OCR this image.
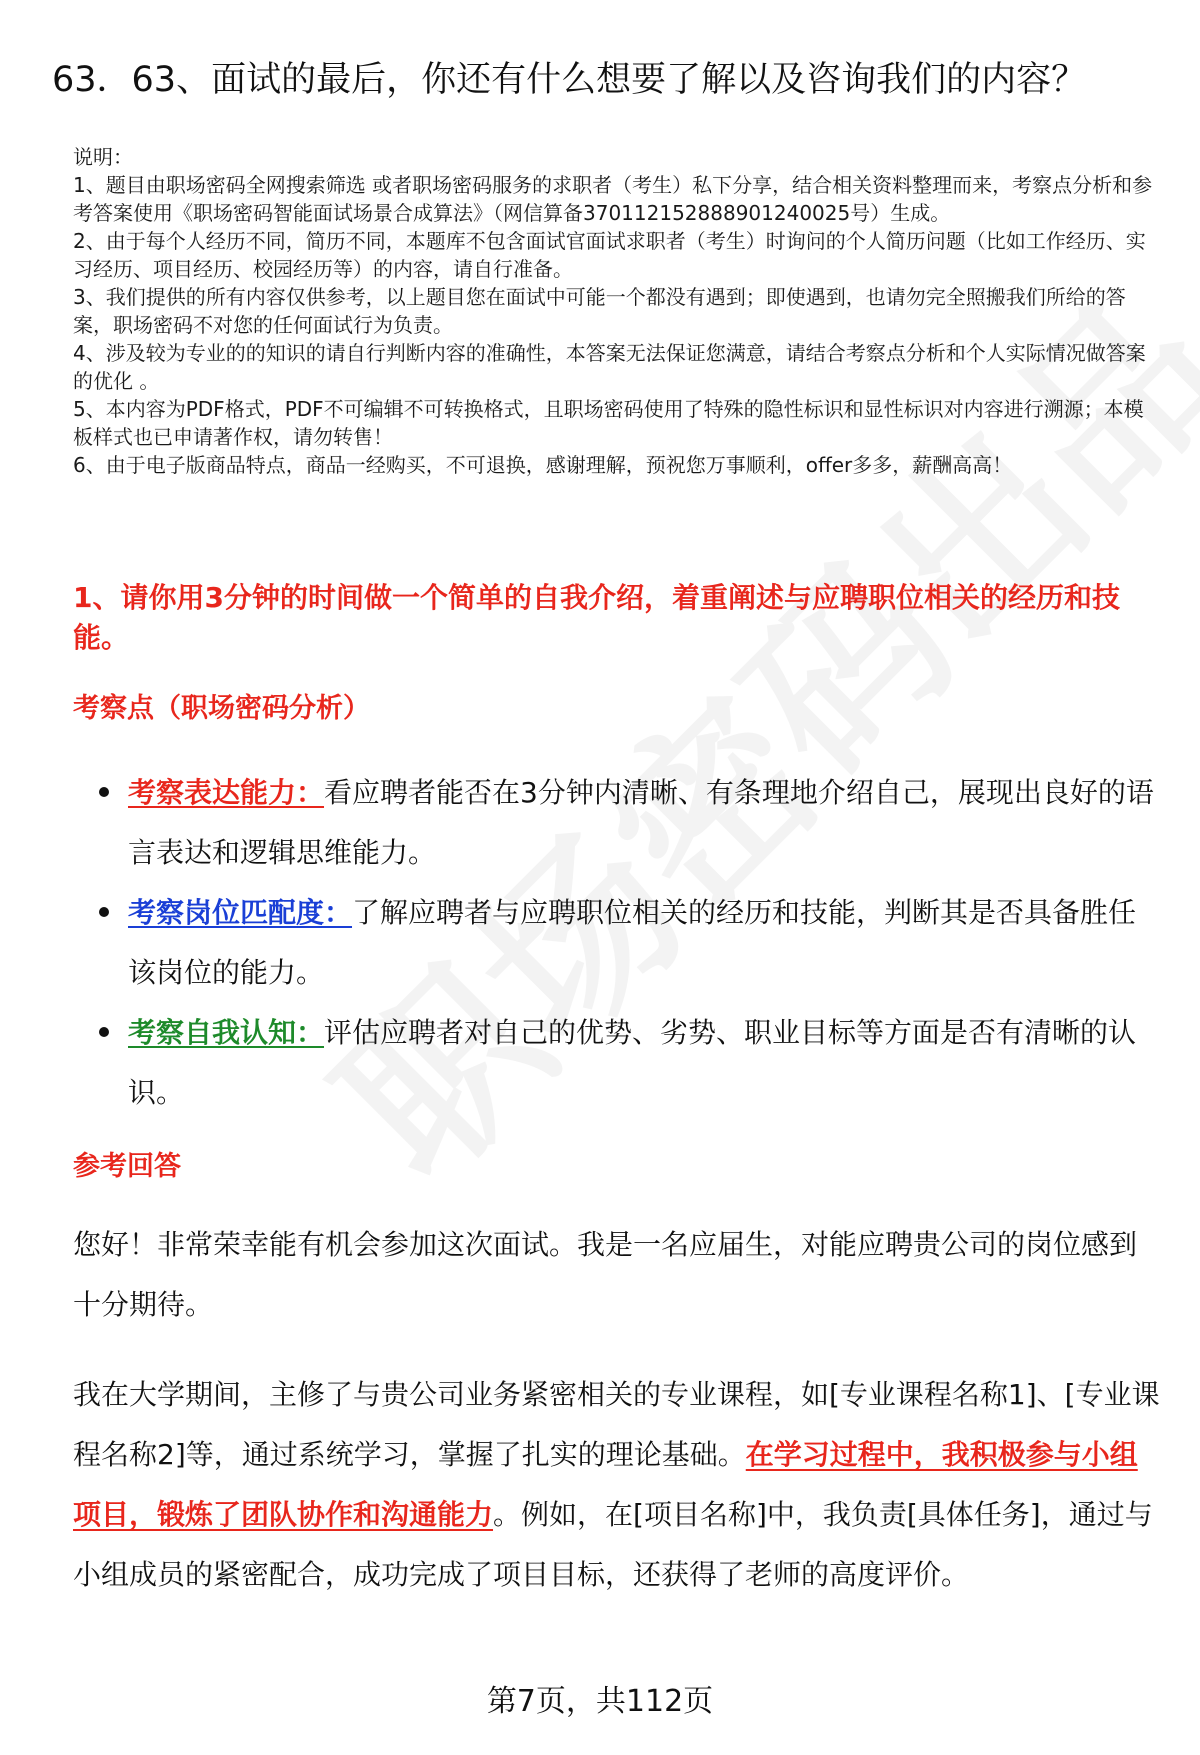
63．63、面试的最后，你还有什么想要了解以及咨询我们的内容？
说明：
1、题目由职场密码全网搜索筛选 或者职场密码服务的求职者（考生）私下分享，结合相关资料整理而来，考察点分析和参考答案使用《职场密码智能面试场景合成算法》（网信算备370112152888901240025号）生成。
2、由于每个人经历不同，简历不同，本题库不包含面试官面试求职者（考生）时询问的个人简历问题（比如工作经历、实习经历、项目经历、校园经历等）的内容，请自行准备。
3、我们提供的所有内容仅供参考，以上题目您在面试中可能一个都没有遇到；即使遇到，也请勿完全照搬我们所给的答案，职场密码不对您的任何面试行为负责。
4、涉及较为专业的的知识的请自行判断内容的准确性，本答案无法保证您满意，请结合考察点分析和个人实际情况做答案的优化 。
5、本内容为PDF格式，PDF不可编辑不可转换格式，且职场密码使用了特殊的隐性标识和显性标识对内容进行溯源；本模板样式也已申请著作权，请勿转售！
6、由于电子版商品特点，商品一经购买，不可退换，感谢理解，预祝您万事顺利，offer多多，薪酬高高！
1、请你用3分钟的时间做一个简单的自我介绍，着重阐述与应聘职位相关的经历和技能。
考察点（职场密码分析）
考察表达能力：看应聘者能否在3分钟内清晰、有条理地介绍自己，展现出良好的语言表达和逻辑思维能力。
考察岗位匹配度：了解应聘者与应聘职位相关的经历和技能，判断其是否具备胜任该岗位的能力。
考察自我认知：评估应聘者对自己的优势、劣势、职业目标等方面是否有清晰的认识。
参考回答
您好！非常荣幸能有机会参加这次面试。我是一名应届生，对能应聘贵公司的岗位感到十分期待。
我在大学期间，主修了与贵公司业务紧密相关的专业课程，如[专业课程名称1]、[专业课程名称2]等，通过系统学习，掌握了扎实的理论基础。在学习过程中，我积极参与小组项目，锻炼了团队协作和沟通能力。例如，在[项目名称]中，我负责[具体任务]，通过与小组成员的紧密配合，成功完成了项目目标，还获得了老师的高度评价。
第7页，共112页
